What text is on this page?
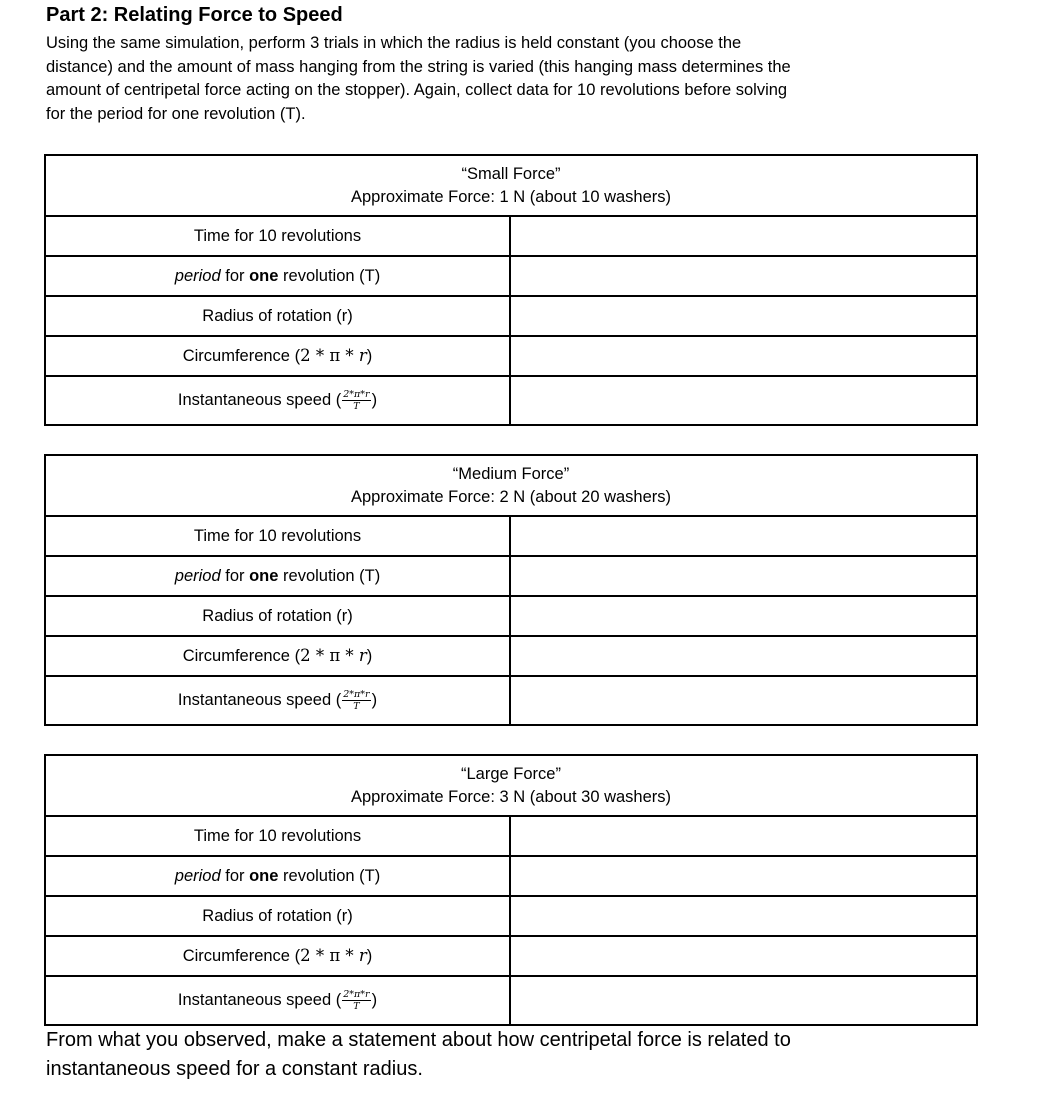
Part 2: Relating Force to Speed

Using the same simulation, perform 3 trials in which the radius is held constant (you choose the
distance) and the amount of mass hanging from the string is varied (this hanging mass determines the
amount of centripetal force acting on the stopper). Again, collect data for 10 revolutions before solving
for the period for one revolution (T).

“Small Force”
Approximate Force: 1 N (about 10 washers)	

Time for 10 revolutions	
period for one revolution (T)	
Radius of rotation (r)	
Circumference (2 * π * r)	
Instantaneous speed ( $\frac{2*\pi*r}{T}$ )	
“Medium Force”
Approximate Force: 2 N (about 20 washers)	

Time for 10 revolutions	
period for one revolution (T)	
Radius of rotation (r)	
Circumference (2 * π * r)	
Instantaneous speed ( $\frac{2*\pi*r}{T}$ )	
“Large Force”
Approximate Force: 3 N (about 30 washers)	

Time for 10 revolutions	
period for one revolution (T)	
Radius of rotation (r)	
Circumference (2 * π * r)	
Instantaneous speed ( $\frac{2*\pi*r}{T}$ )	

From what you observed, make a statement about how centripetal force is related to
instantaneous speed for a constant radius.
